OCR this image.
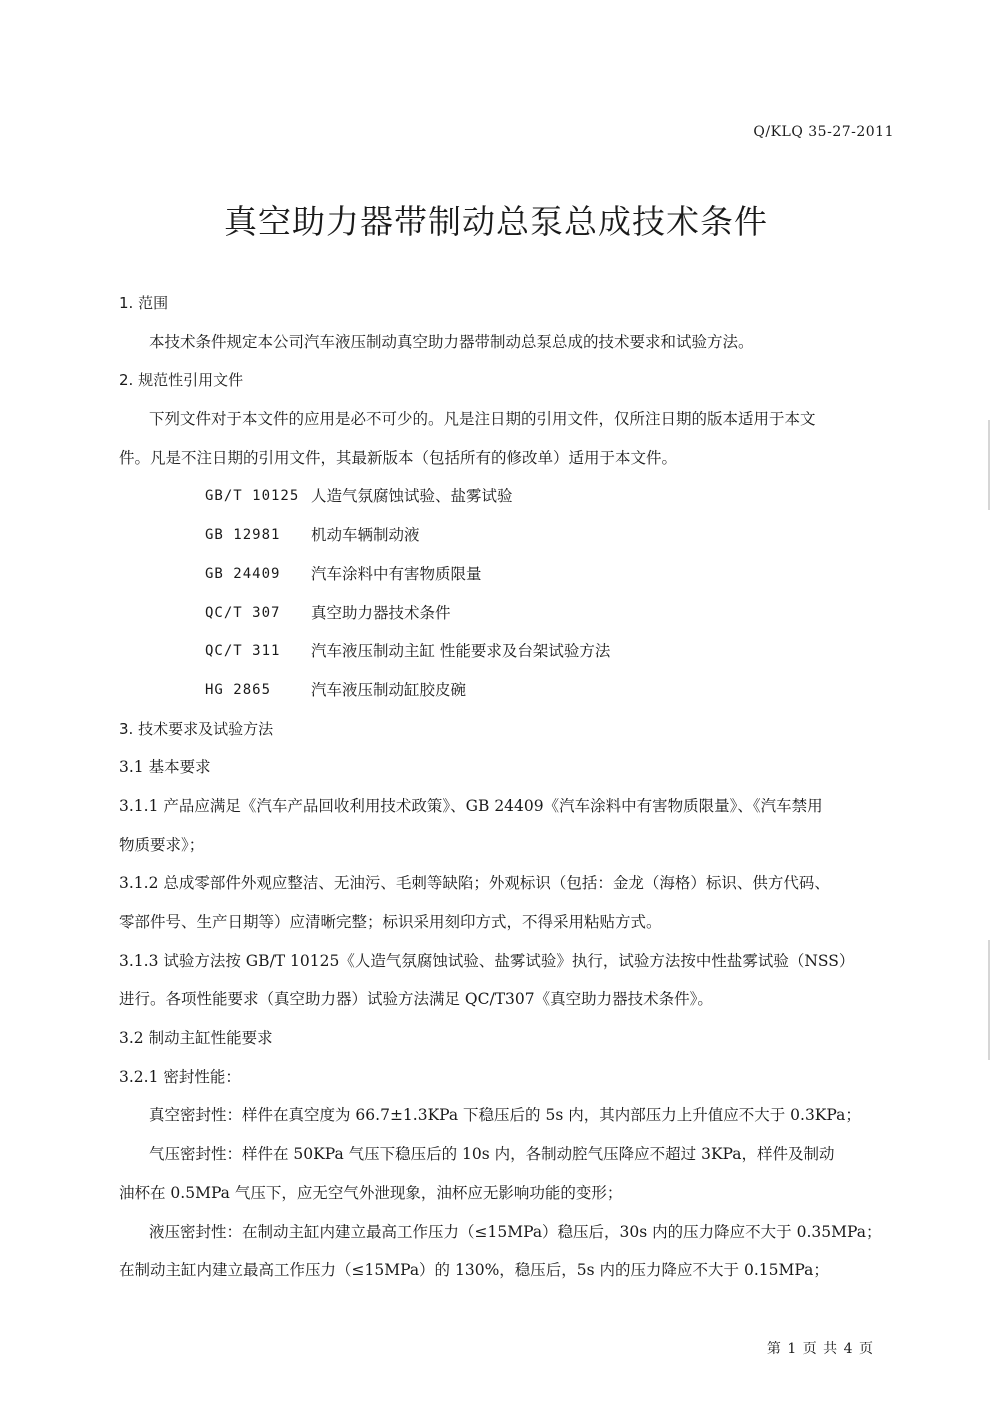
Q/KLQ 35-27-2011
真空助力器带制动总泵总成技术条件
1. 范围
本技术条件规定本公司汽车液压制动真空助力器带制动总泵总成的技术要求和试验方法。
2. 规范性引用文件
下列文件对于本文件的应用是必不可少的。凡是注日期的引用文件，仅所注日期的版本适用于本文
件。凡是不注日期的引用文件，其最新版本（包括所有的修改单）适用于本文件。
GB/T 10125 人造气氛腐蚀试验、盐雾试验
GB 12981	机动车辆制动液
GB 24409	汽车涂料中有害物质限量
QC/T 307	真空助力器技术条件
QC/T 311	汽车液压制动主缸 性能要求及台架试验方法
HG 2865	汽车液压制动缸胶皮碗
3. 技术要求及试验方法
3.1 基本要求
3.1.1 产品应满足《汽车产品回收利用技术政策》、GB 24409《汽车涂料中有害物质限量》、《汽车禁用
物质要求》；
3.1.2 总成零部件外观应整洁、无油污、毛刺等缺陷；外观标识（包括：金龙（海格）标识、供方代码、
零部件号、生产日期等）应清晰完整；标识采用刻印方式，不得采用粘贴方式。
3.1.3 试验方法按 GB/T 10125《人造气氛腐蚀试验、盐雾试验》执行，试验方法按中性盐雾试验（NSS）
进行。各项性能要求（真空助力器）试验方法满足 QC/T307《真空助力器技术条件》。
3.2 制动主缸性能要求
3.2.1 密封性能：
真空密封性：样件在真空度为 66.7±1.3KPa 下稳压后的 5s 内，其内部压力上升值应不大于 0.3KPa；
气压密封性：样件在 50KPa 气压下稳压后的 10s 内，各制动腔气压降应不超过 3KPa，样件及制动
油杯在 0.5MPa 气压下，应无空气外泄现象，油杯应无影响功能的变形；
液压密封性：在制动主缸内建立最高工作压力（≤15MPa）稳压后，30s 内的压力降应不大于 0.35MPa；
在制动主缸内建立最高工作压力（≤15MPa）的 130%，稳压后，5s 内的压力降应不大于 0.15MPa；
第 1 页 共 4 页
